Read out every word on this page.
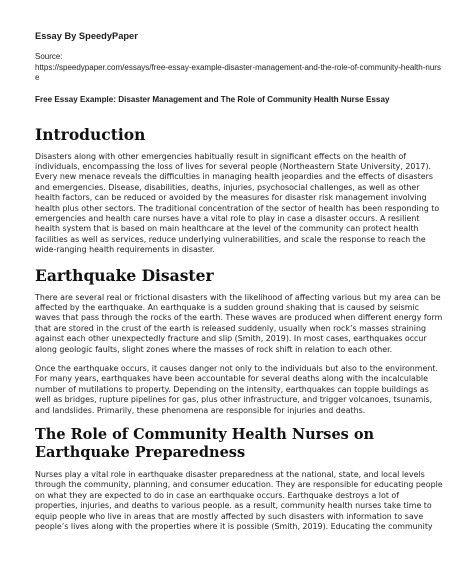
Essay By SpeedyPaper
Source:
https://speedypaper.com/essays/free-essay-example-disaster-management-and-the-role-of-community-health-nurse
Free Essay Example: Disaster Management and The Role of Community Health Nurse Essay
Introduction

Disasters along with other emergencies habitually result in significant effects on the health of individuals, encompassing the loss of lives for several people (Northeastern State University, 2017). Every new menace reveals the difficulties in managing health jeopardies and the effects of disasters and emergencies. Disease, disabilities, deaths, injuries, psychosocial challenges, as well as other health factors, can be reduced or avoided by the measures for disaster risk management involving health plus other sectors. The traditional concentration of the sector of health has been responding to emergencies and health care nurses have a vital role to play in case a disaster occurs. A resilient health system that is based on main healthcare at the level of the community can protect health facilities as well as services, reduce underlying vulnerabilities, and scale the response to reach the wide-ranging health requirements in disaster.

Earthquake Disaster

There are several real or frictional disasters with the likelihood of affecting various but my area can be affected by the earthquake. An earthquake is a sudden ground shaking that is caused by seismic waves that pass through the rocks of the earth. These waves are produced when different energy form that are stored in the crust of the earth is released suddenly, usually when rock’s masses straining against each other unexpectedly fracture and slip (Smith, 2019). In most cases, earthquakes occur along geologic faults, slight zones where the masses of rock shift in relation to each other.

Once the earthquake occurs, it causes danger not only to the individuals but also to the environment. For many years, earthquakes have been accountable for several deaths along with the incalculable number of mutilations to property. Depending on the intensity, earthquakes can topple buildings as well as bridges, rupture pipelines for gas, plus other infrastructure, and trigger volcanoes, tsunamis, and landslides. Primarily, these phenomena are responsible for injuries and deaths.

The Role of Community Health Nurses on Earthquake Preparedness

Nurses play a vital role in earthquake disaster preparedness at the national, state, and local levels through the community, planning, and consumer education. They are responsible for educating people on what they are expected to do in case an earthquake occurs. Earthquake destroys a lot of properties, injuries, and deaths to various people. as a result, community health nurses take time to equip people who live in areas that are mostly affected by such disasters with information to save people’s lives along with the properties where it is possible (Smith, 2019). Educating the community
